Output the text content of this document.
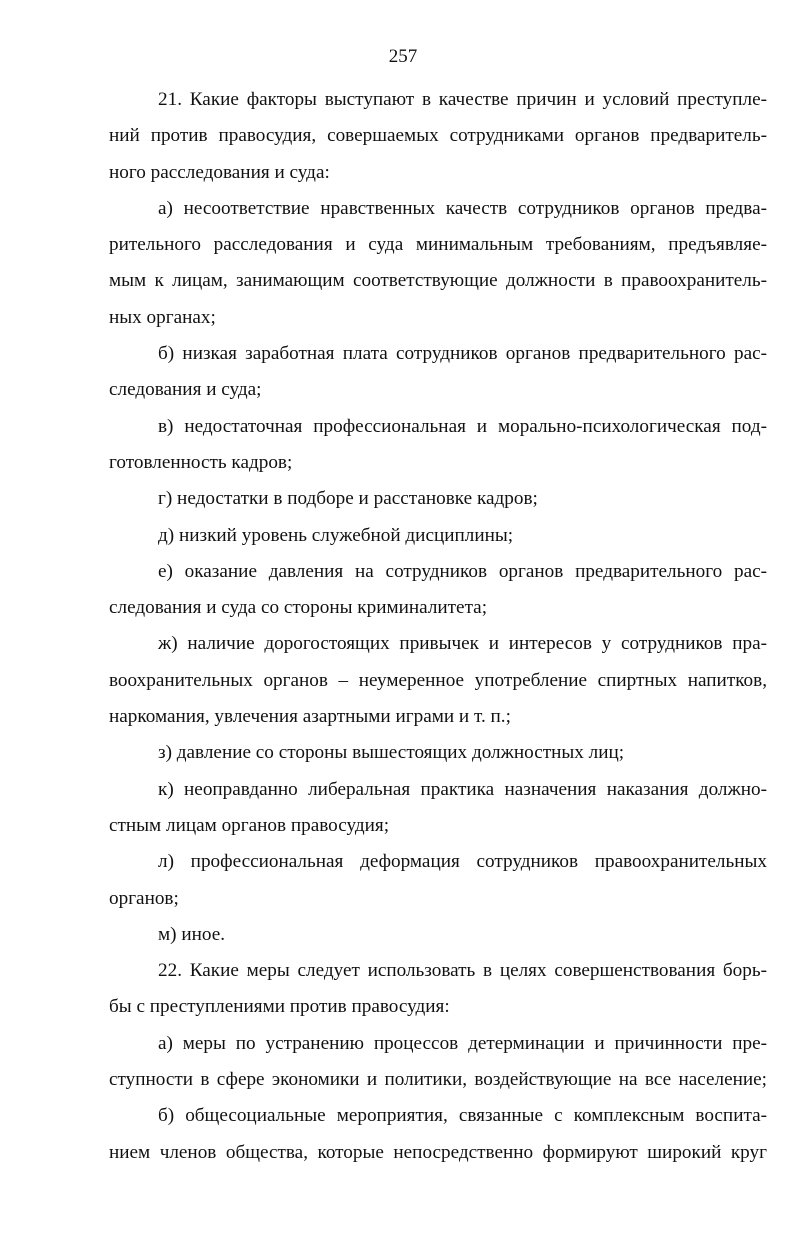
257
21. Какие факторы выступают в качестве причин и условий преступле-
ний против правосудия, совершаемых сотрудниками органов предваритель-
ного расследования и суда:
а) несоответствие нравственных качеств сотрудников органов предва-
рительного расследования и суда минимальным требованиям, предъявляе-
мым к лицам, занимающим соответствующие должности в правоохранитель-
ных органах;
б) низкая заработная плата сотрудников органов предварительного рас-
следования и суда;
в) недостаточная профессиональная и морально-психологическая под-
готовленность кадров;
г) недостатки в подборе и расстановке кадров;
д) низкий уровень служебной дисциплины;
е) оказание давления на сотрудников органов предварительного рас-
следования и суда со стороны криминалитета;
ж) наличие дорогостоящих привычек и интересов у сотрудников пра-
воохранительных органов – неумеренное употребление спиртных напитков,
наркомания, увлечения азартными играми и т. п.;
з) давление со стороны вышестоящих должностных лиц;
к) неоправданно либеральная практика назначения наказания должно-
стным лицам органов правосудия;
л) профессиональная деформация сотрудников правоохранительных
органов;
м) иное.
22. Какие меры следует использовать в целях совершенствования борь-
бы с преступлениями против правосудия:
а) меры по устранению процессов детерминации и причинности пре-
ступности в сфере экономики и политики, воздействующие на все население;
б) общесоциальные мероприятия, связанные с комплексным воспита-
нием членов общества, которые непосредственно формируют широкий круг
